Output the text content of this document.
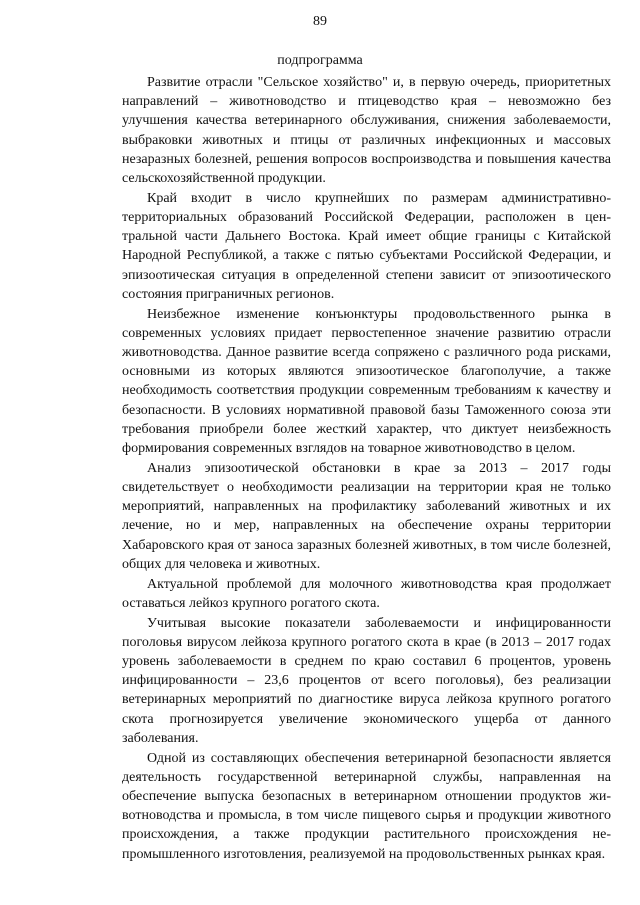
89
подпрограмма

Развитие отрасли "Сельское хозяйство" и, в первую очередь, приоритетных направлений – животноводство и птицеводство края – невозможно без улучшения качества ветеринарного обслуживания, снижения заболеваемости, выбраковки животных и птицы от различных инфекционных и массовых незаразных болезней, решения вопросов воспроизводства и повышения качества сельскохозяйственной продукции.

Край входит в число крупнейших по размерам административно-территориальных образований Российской Федерации, расположен в центральной части Дальнего Востока. Край имеет общие границы с Китайской Народной Республикой, а также с пятью субъектами Российской Федерации, и эпизоотическая ситуация в определенной степени зависит от эпизоотического состояния приграничных регионов.

Неизбежное изменение конъюнктуры продовольственного рынка в современных условиях придает первостепенное значение развитию отрасли животноводства. Данное развитие всегда сопряжено с различного рода рисками, основными из которых являются эпизоотическое благополучие, а также необходимость соответствия продукции современным требованиям к качеству и безопасности. В условиях нормативной правовой базы Таможенного союза эти требования приобрели более жесткий характер, что диктует неизбежность формирования современных взглядов на товарное животноводство в целом.

Анализ эпизоотической обстановки в крае за 2013 – 2017 годы свидетельствует о необходимости реализации на территории края не только мероприятий, направленных на профилактику заболеваний животных и их лечение, но и мер, направленных на обеспечение охраны территории Хабаровского края от заноса заразных болезней животных, в том числе болезней, общих для человека и животных.

Актуальной проблемой для молочного животноводства края продолжает оставаться лейкоз крупного рогатого скота.

Учитывая высокие показатели заболеваемости и инфицированности поголовья вирусом лейкоза крупного рогатого скота в крае (в 2013 – 2017 годах уровень заболеваемости в среднем по краю составил 6 процентов, уровень инфицированности – 23,6 процентов от всего поголовья), без реализации ветеринарных мероприятий по диагностике вируса лейкоза крупного рогатого скота прогнозируется увеличение экономического ущерба от данного заболевания.

Одной из составляющих обеспечения ветеринарной безопасности является деятельность государственной ветеринарной службы, направленная на обеспечение выпуска безопасных в ветеринарном отношении продуктов животноводства и промысла, в том числе пищевого сырья и продукции животного происхождения, а также продукции растительного происхождения непромышленного изготовления, реализуемой на продовольственных рынках края.
